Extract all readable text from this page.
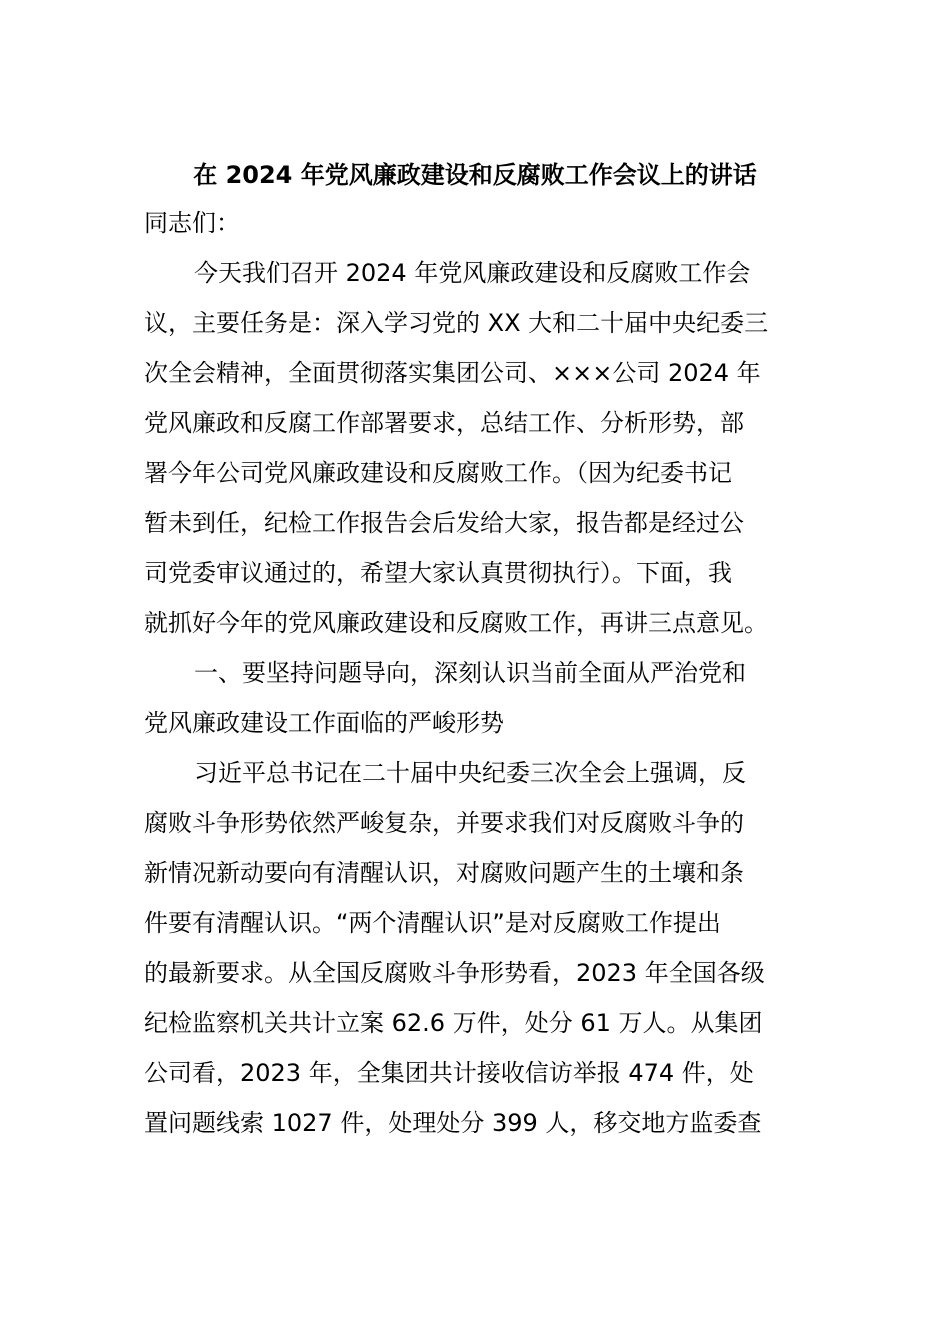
在 2024 年党风廉政建设和反腐败工作会议上的讲话
同志们：
今天我们召开 2024 年党风廉政建设和反腐败工作会
议，主要任务是：深入学习党的 XX 大和二十届中央纪委三
次全会精神，全面贯彻落实集团公司、×××公司 2024 年
党风廉政和反腐工作部署要求，总结工作、分析形势，部
署今年公司党风廉政建设和反腐败工作。（因为纪委书记
暂未到任，纪检工作报告会后发给大家，报告都是经过公
司党委审议通过的，希望大家认真贯彻执行）。下面，我
就抓好今年的党风廉政建设和反腐败工作，再讲三点意见。
一、要坚持问题导向，深刻认识当前全面从严治党和
党风廉政建设工作面临的严峻形势
习近平总书记在二十届中央纪委三次全会上强调，反
腐败斗争形势依然严峻复杂，并要求我们对反腐败斗争的
新情况新动要向有清醒认识，对腐败问题产生的土壤和条
件要有清醒认识。“两个清醒认识”是对反腐败工作提出
的最新要求。从全国反腐败斗争形势看，2023 年全国各级
纪检监察机关共计立案 62.6 万件，处分 61 万人。从集团
公司看，2023 年，全集团共计接收信访举报 474 件，处
置问题线索 1027 件，处理处分 399 人，移交地方监委查
